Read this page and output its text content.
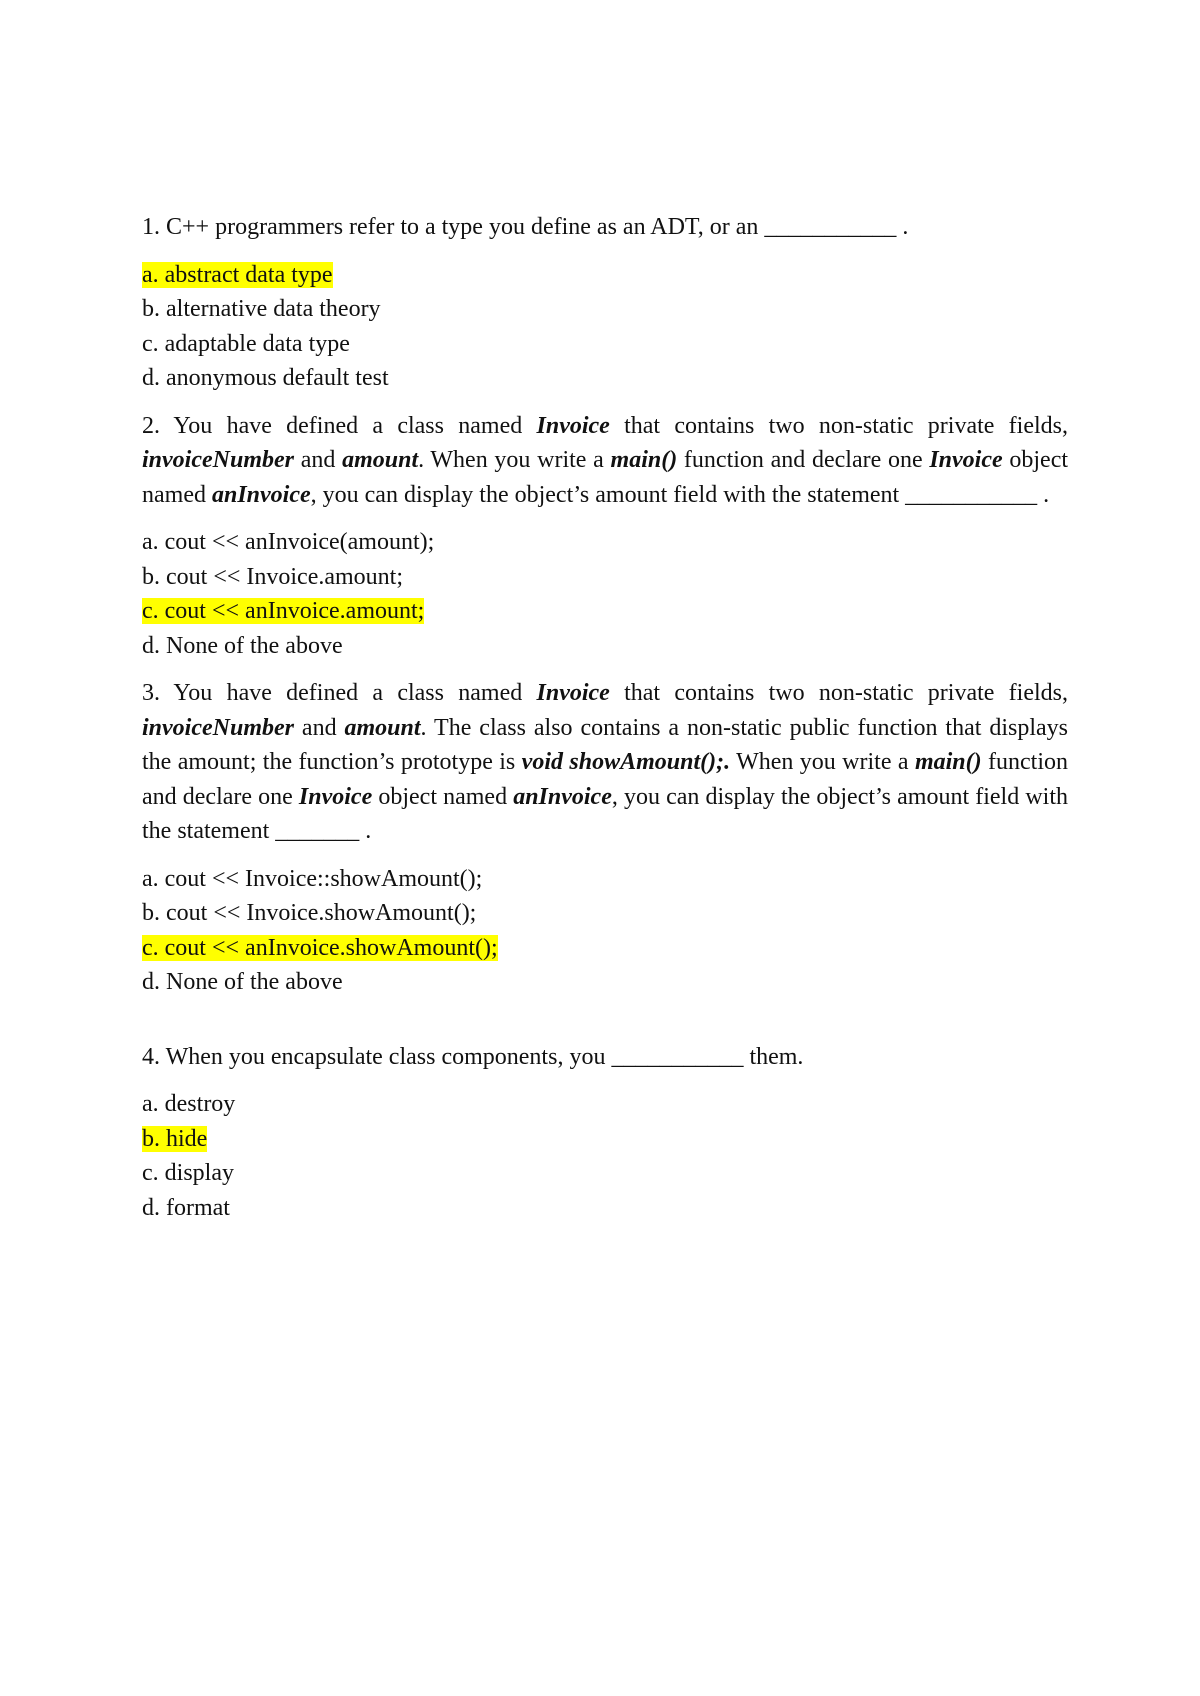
1. C++ programmers refer to a type you define as an ADT, or an ___________ .
a. abstract data type
b. alternative data theory
c. adaptable data type
d. anonymous default test
2. You have defined a class named Invoice that contains two non-static private fields, invoiceNumber and amount. When you write a main() function and declare one Invoice object named anInvoice, you can display the object’s amount field with the statement ___________ .
a. cout << anInvoice(amount);
b. cout << Invoice.amount;
c. cout << anInvoice.amount;
d. None of the above
3. You have defined a class named Invoice that contains two non-static private fields, invoiceNumber and amount. The class also contains a non-static public function that displays the amount; the function’s prototype is void showAmount();. When you write a main() function and declare one Invoice object named anInvoice, you can display the object’s amount field with the statement _______ .
a. cout << Invoice::showAmount();
b. cout << Invoice.showAmount();
c. cout << anInvoice.showAmount();
d. None of the above
4. When you encapsulate class components, you ___________ them.
a. destroy
b. hide
c. display
d. format
